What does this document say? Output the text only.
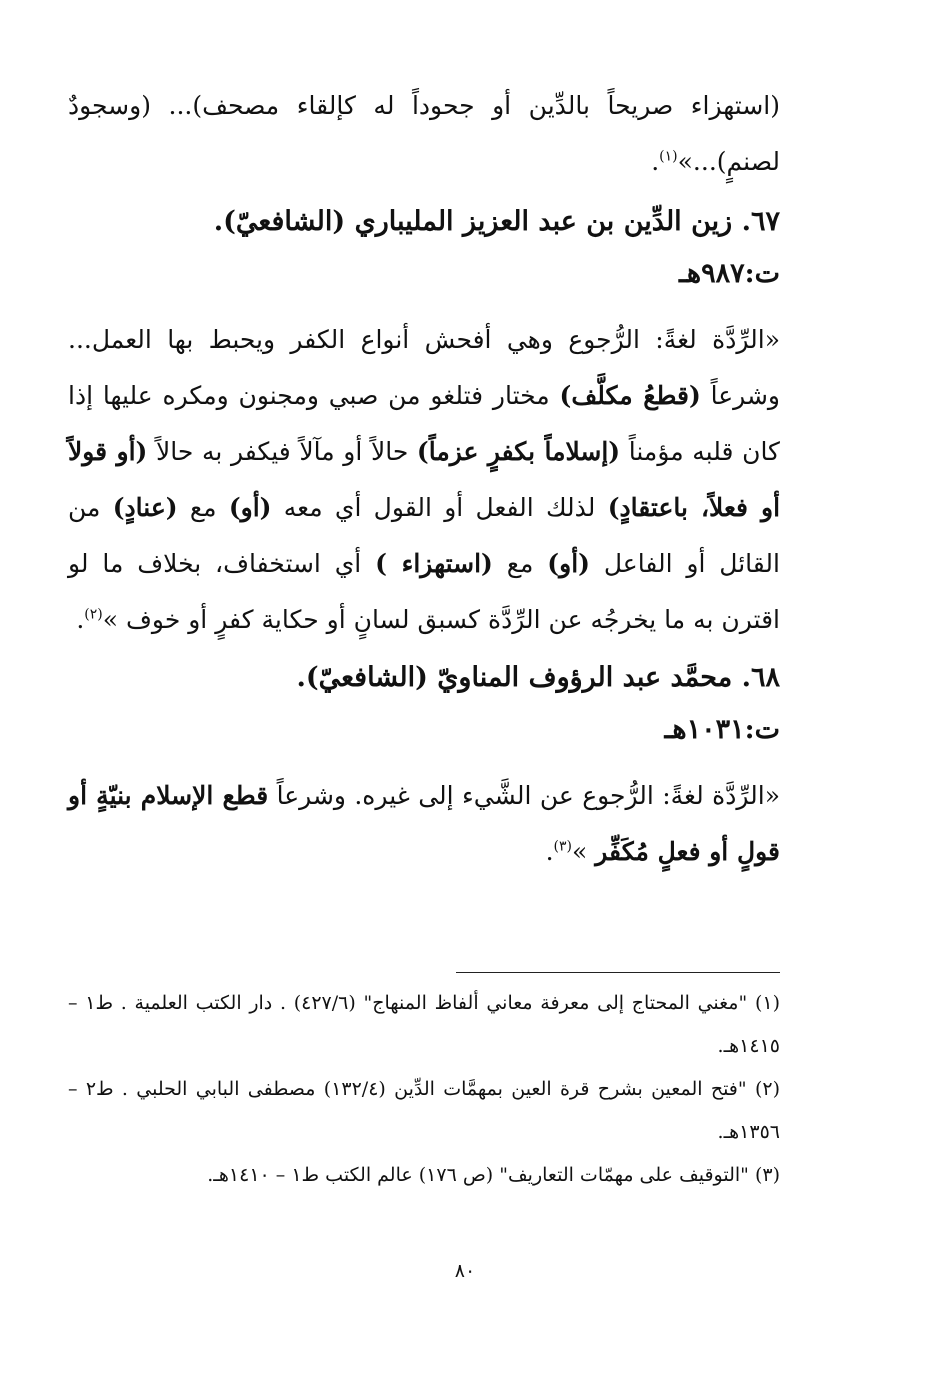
(استهزاء صريحاً بالدِّين أو جحوداً له كإلقاء مصحف)... (وسجودٌ لصنمٍ)...»$^{(١)}$.

٦٧. زين الدِّين بن عبد العزيز المليباري (الشافعيّ).
ت:٩٨٧هـ

«الرِّدَّة لغةً: الرُّجوع وهي أفحش أنواع الكفر ويحبط بها العمل... وشرعاً (قطعُ مكلَّف) مختار فتلغو من صبي ومجنون ومكره عليها إذا كان قلبه مؤمناً (إسلاماً بكفرٍ عزماً) حالاً أو مآلاً فيكفر به حالاً (أو قولاً أو فعلاً، باعتقادٍ) لذلك الفعل أو القول أي معه (أو) مع (عنادٍ) من القائل أو الفاعل (أو) مع (استهزاء ) أي استخفاف، بخلاف ما لو اقترن به ما يخرجُه عن الرِّدَّة كسبق لسانٍ أو حكاية كفرٍ أو خوف »$^{(٢)}$.

٦٨. محمَّد عبد الرؤوف المناويّ (الشافعيّ).
ت:١٠٣١هـ

«الرِّدَّة لغةً: الرُّجوع عن الشَّيء إلى غيره. وشرعاً قطع الإسلام بنيّةٍ أو قولٍ أو فعلٍ مُكَفِّر »$^{(٣)}$.

(١) "مغني المحتاج إلى معرفة معاني ألفاظ المنهاج" (٤٢٧/٦) . دار الكتب العلمية . ط١ – ١٤١٥هـ.

(٢) "فتح المعين بشرح قرة العين بمهمَّات الدِّين (١٣٢/٤) مصطفى البابي الحلبي . ط٢ – ١٣٥٦هـ.

(٣) "التوقيف على مهمّات التعاريف" (ص ١٧٦) عالم الكتب ط١ – ١٤١٠هـ.

٨٠
